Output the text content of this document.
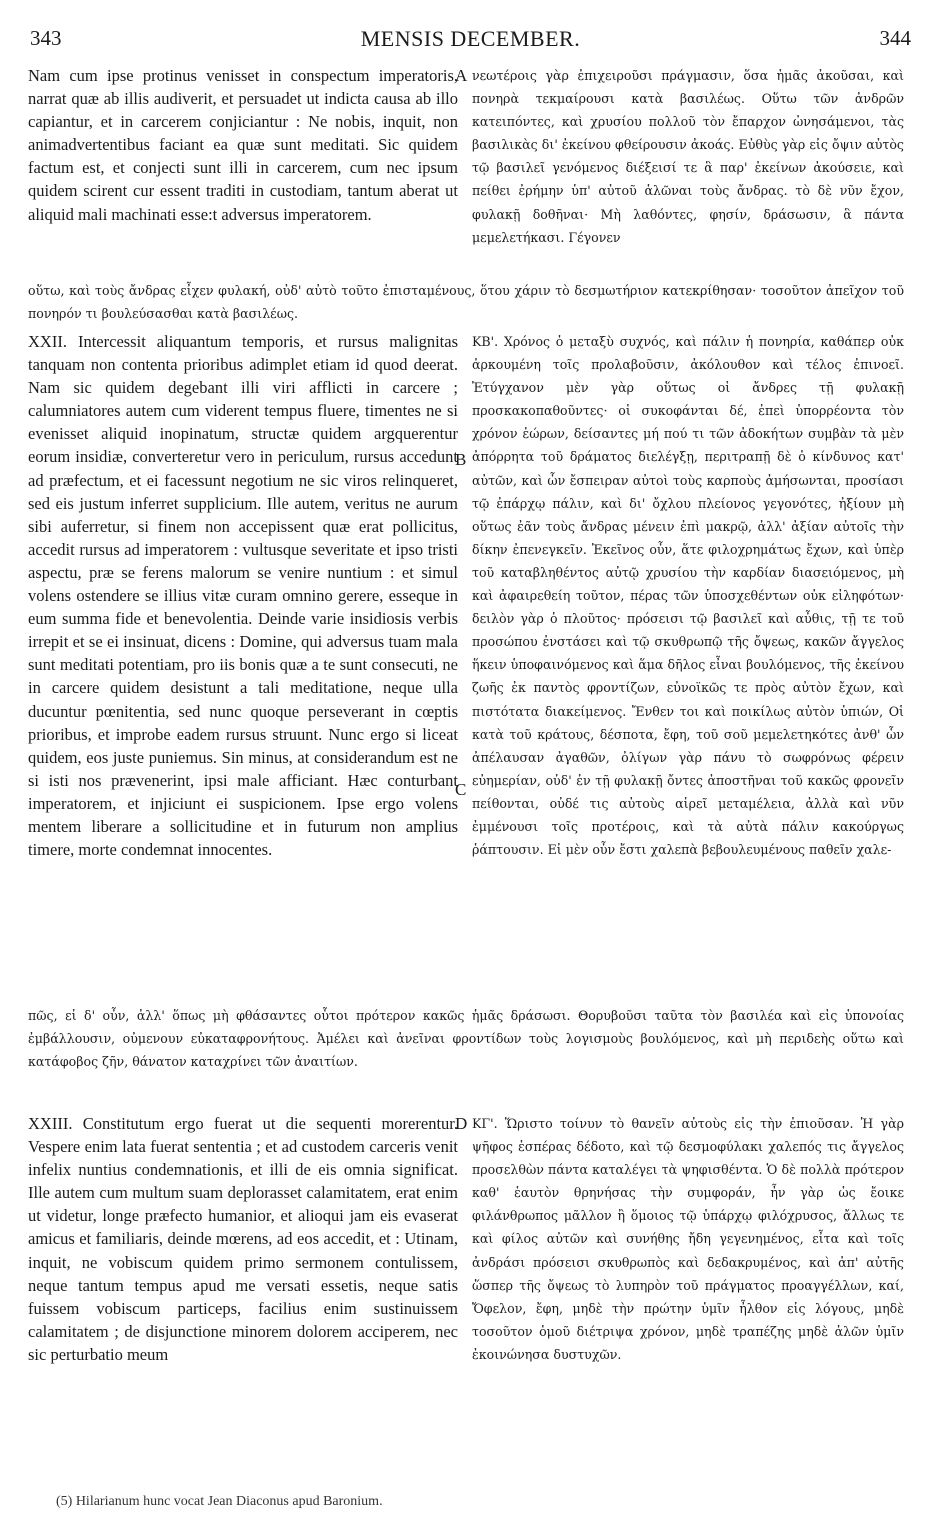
343	MENSIS DECEMBER.	344

Nam cum ipse protinus venisset in conspectum imperatoris, narrat quæ ab illis audiverit, et persuadet ut indicta causa ab illo capiantur, et in carcerem conjiciantur : Ne nobis, inquit, non animadvertentibus faciant ea quæ sunt meditati. Sic quidem factum est, et conjecti sunt illi in carcerem, cum nec ipsum quidem scirent cur essent traditi in custodiam, tantum aberat ut aliquid mali machinati esse:t adversus imperatorem.

νεωτέροις γὰρ ἐπιχειροῦσι πράγμασιν, ὅσα ἡμᾶς ἀκοῦσαι, καὶ πονηρὰ τεκμαίρουσι κατὰ βασιλέως. Οὕτω τῶν ἀνδρῶν κατειπόντες, καὶ χρυσίου πολλοῦ τὸν ἔπαρχον ὠνησάμενοι, τὰς βασιλικὰς δι' ἐκείνου φθείρουσιν ἀκοάς. Εὐθὺς γὰρ εἰς ὄψιν αὐτὸς τῷ βασιλεῖ γενόμενος διέξεισί τε ἃ παρ' ἐκείνων ἀκούσειε, καὶ πείθει ἐρήμην ὑπ' αὐτοῦ ἁλῶναι τοὺς ἄνδρας. τὸ δὲ νῦν ἔχον, φυλακῇ δοθῆναι· Μὴ λαθόντες, φησίν, δράσωσιν, ἃ πάντα μεμελετήκασι. Γέγονεν

A

οὕτω, καὶ τοὺς ἄνδρας εἶχεν φυλακή, οὐδ' αὐτὸ τοῦτο ἐπισταμένους, ὅτου χάριν τὸ δεσμωτήριον κατεκρίθησαν· τοσοῦτον ἀπεῖχον τοῦ πονηρόν τι βουλεύσασθαι κατὰ βασιλέως.

XXII. Intercessit aliquantum temporis, et rursus malignitas tanquam non contenta prioribus adimplet etiam id quod deerat. Nam sic quidem degebant illi viri afflicti in carcere ; calumniatores autem cum viderent tempus fluere, timentes ne si evenisset aliquid inopinatum, structæ quidem argquerentur eorum insidiæ, converteretur vero in periculum, rursus accedunt ad præfectum, et ei facessunt negotium ne sic viros relinqueret, sed eis justum inferret supplicium. Ille autem, veritus ne aurum sibi auferretur, si finem non accepissent quæ erat pollicitus, accedit rursus ad imperatorem : vultusque severitate et ipso tristi aspectu, præ se ferens malorum se venire nuntium : et simul volens ostendere se illius vitæ curam omnino gerere, esseque in eum summa fide et benevolentia. Deinde varie insidiosis verbis irrepit et se ei insinuat, dicens : Domine, qui adversus tuam mala sunt meditati potentiam, pro iis bonis quæ a te sunt consecuti, ne in carcere quidem desistunt a tali meditatione, neque ulla ducuntur pœnitentia, sed nunc quoque perseverant in cœptis prioribus, et improbe eadem rursus struunt. Nunc ergo si liceat quidem, eos juste puniemus. Sin minus, at considerandum est ne si isti nos prævenerint, ipsi male afficiant. Hæc conturbant imperatorem, et injiciunt ei suspicionem. Ipse ergo volens mentem liberare a sollicitudine et in futurum non amplius timere, morte condemnat innocentes.

ΚΒ'. Χρόνος ὁ μεταξὺ συχνός, καὶ πάλιν ἡ πονηρία, καθάπερ οὐκ ἀρκουμένη τοῖς προλαβοῦσιν, ἀκόλουθον καὶ τέλος ἐπινοεῖ. Ἐτύγχανον μὲν γὰρ οὕτως οἱ ἄνδρες τῇ φυλακῇ προσκακοπαθοῦντες· οἱ συκοφάνται δέ, ἐπεὶ ὑπορρέοντα τὸν χρόνον ἑώρων, δείσαντες μή πού τι τῶν ἀδοκήτων συμβὰν τὰ μὲν ἀπόρρητα τοῦ δράματος διελέγξῃ, περιτραπῇ δὲ ὁ κίνδυνος κατ' αὐτῶν, καὶ ὧν ἔσπειραν αὐτοὶ τοὺς καρποὺς ἀμήσωνται, προσίασι τῷ ἐπάρχῳ πάλιν, καὶ δι' ὄχλου πλείονος γεγονότες, ἠξίουν μὴ οὕτως ἐᾶν τοὺς ἄνδρας μένειν ἐπὶ μακρῷ, ἀλλ' ἀξίαν αὐτοῖς τὴν δίκην ἐπενεγκεῖν. Ἐκεῖνος οὖν, ἅτε φιλοχρημάτως ἔχων, καὶ ὑπὲρ τοῦ καταβληθέντος αὐτῷ χρυσίου τὴν καρδίαν διασειόμενος, μὴ καὶ ἀφαιρεθείη τοῦτον, πέρας τῶν ὑποσχεθέντων οὐκ εἰληφότων· δειλὸν γὰρ ὁ πλοῦτος· πρόσεισι τῷ βασιλεῖ καὶ αὖθις, τῇ τε τοῦ προσώπου ἐνστάσει καὶ τῷ σκυθρωπῷ τῆς ὄψεως, κακῶν ἄγγελος ἥκειν ὑποφαινόμενος καὶ ἅμα δῆλος εἶναι βουλόμενος, τῆς ἐκείνου ζωῆς ἐκ παντὸς φροντίζων, εὐνοϊκῶς τε πρὸς αὐτὸν ἔχων, καὶ πιστότατα διακείμενος. Ἔνθεν τοι καὶ ποικίλως αὐτὸν ὑπιών, Οἱ κατὰ τοῦ κράτους, δέσποτα, ἔφη, τοῦ σοῦ μεμελετηκότες ἀνθ' ὧν ἀπέλαυσαν ἀγαθῶν, ὀλίγων γὰρ πάνυ τὸ σωφρόνως φέρειν εὐημερίαν, οὐδ' ἐν τῇ φυλακῇ ὄντες ἀποστῆναι τοῦ κακῶς φρονεῖν πείθονται, οὐδέ τις αὐτοὺς αἱρεῖ μεταμέλεια, ἀλλὰ καὶ νῦν ἐμμένουσι τοῖς προτέροις, καὶ τὰ αὐτὰ πάλιν κακούργως ῥάπτουσιν. Εἰ μὲν οὖν ἔστι χαλεπὰ βεβουλευμένους παθεῖν χαλε-

B
C

πῶς, εἰ δ' οὖν, ἀλλ' ὅπως μὴ φθάσαντες οὗτοι πρότερον κακῶς ἡμᾶς δράσωσι. Θορυβοῦσι ταῦτα τὸν βασιλέα καὶ εἰς ὑπονοίας ἐμβάλλουσιν, οὐμενουν εὐκαταφρονήτους. Ἀμέλει καὶ ἀνεῖναι φροντίδων τοὺς λογισμοὺς βουλόμενος, καὶ μὴ περιδεὴς οὕτω καὶ κατάφοβος ζῆν, θάνατον καταχρίνει τῶν ἀναιτίων.

XXIII. Constitutum ergo fuerat ut die sequenti morerentur. Vespere enim lata fuerat sententia ; et ad custodem carceris venit infelix nuntius condemnationis, et illi de eis omnia significat. Ille autem cum multum suam deplorasset calamitatem, erat enim ut videtur, longe præfecto humanior, et alioqui jam eis evaserat amicus et familiaris, deinde mœrens, ad eos accedit, et : Utinam, inquit, ne vobiscum quidem primo sermonem contulissem, neque tantum tempus apud me versati essetis, neque satis fuissem vobiscum particeps, facilius enim sustinuissem calamitatem ; de disjunctione minorem dolorem acciperem, nec sic perturbatio meum

ΚΓ'. Ὥριστο τοίνυν τὸ θανεῖν αὐτοὺς εἰς τὴν ἐπιοῦσαν. Ἡ γὰρ ψῆφος ἑσπέρας δέδοτο, καὶ τῷ δεσμοφύλακι χαλεπός τις ἄγγελος προσελθὼν πάντα καταλέγει τὰ ψηφισθέντα. Ὁ δὲ πολλὰ πρότερον καθ' ἑαυτὸν θρηνήσας τὴν συμφοράν, ἦν γὰρ ὡς ἔοικε φιλάνθρωπος μᾶλλον ἢ ὅμοιος τῷ ὑπάρχῳ φιλόχρυσος, ἄλλως τε καὶ φίλος αὐτῶν καὶ συνήθης ἤδη γεγενημένος, εἶτα καὶ τοῖς ἀνδράσι πρόσεισι σκυθρωπὸς καὶ δεδακρυμένος, καὶ ἀπ' αὐτῆς ὥσπερ τῆς ὄψεως τὸ λυπηρὸν τοῦ πράγματος προαγγέλλων, καί, Ὄφελον, ἔφη, μηδὲ τὴν πρώτην ὑμῖν ἦλθον εἰς λόγους, μηδὲ τοσοῦτον ὁμοῦ διέτριψα χρόνον, μηδὲ τραπέζης μηδὲ ἁλῶν ὑμῖν ἐκοινώνησα δυστυχῶν.

D
(5) Hilarianum hunc vocat Jean Diaconus apud Baronium.
